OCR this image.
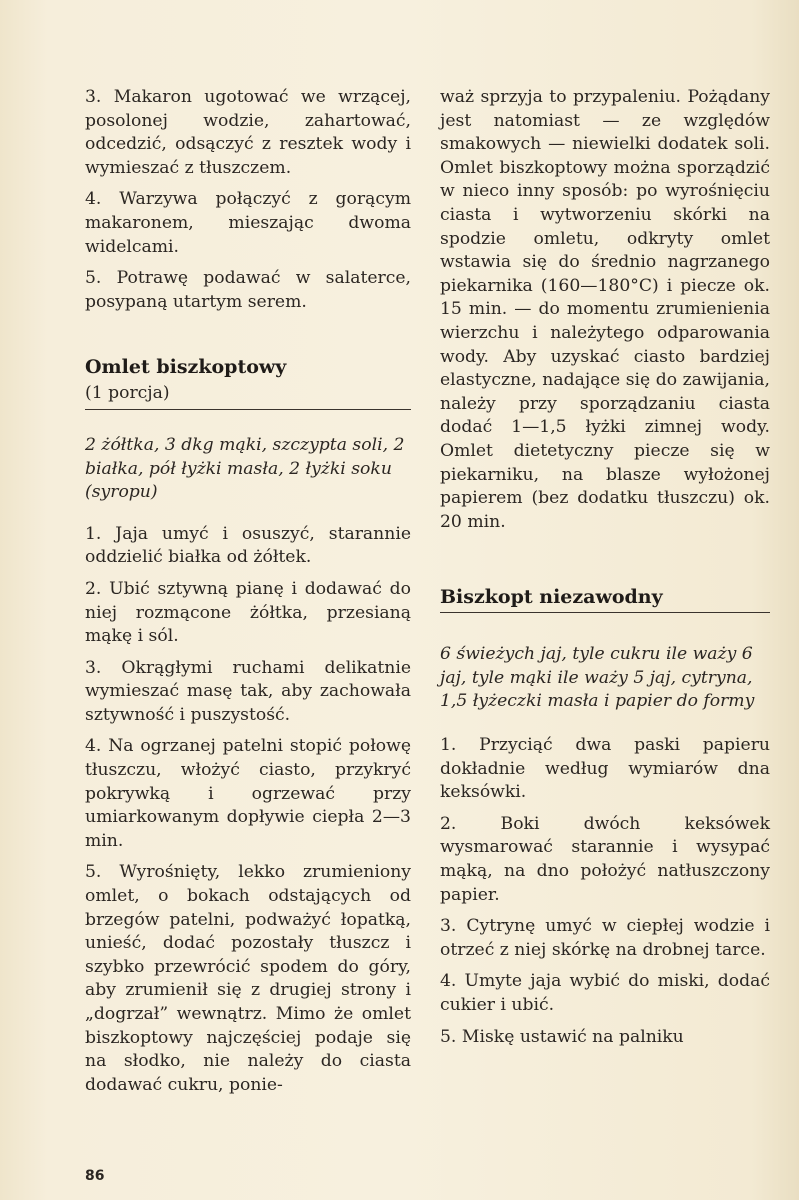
3. Makaron ugotować we wrzącej, posolonej wodzie, zahartować, odcedzić, odsączyć z resztek wody i wymieszać z tłuszczem.

4. Warzywa połączyć z gorącym makaronem, mieszając dwoma widelcami.

5. Potrawę podawać w salaterce, posypaną utartym serem.

Omlet biszkoptowy

(1 porcja)

2 żółtka, 3 dkg mąki, szczypta soli, 2 białka, pół łyżki masła, 2 łyżki soku (syropu)

1. Jaja umyć i osuszyć, starannie oddzielić białka od żółtek.

2. Ubić sztywną pianę i dodawać do niej rozmącone żółtka, przesianą mąkę i sól.

3. Okrągłymi ruchami delikatnie wymieszać masę tak, aby zachowała sztywność i puszystość.

4. Na ogrzanej patelni stopić połowę tłuszczu, włożyć ciasto, przykryć pokrywką i ogrzewać przy umiarkowanym dopływie ciepła 2—3 min.

5. Wyrośnięty, lekko zrumieniony omlet, o bokach odstających od brzegów patelni, podważyć łopatką, unieść, dodać pozostały tłuszcz i szybko przewrócić spodem do góry, aby zrumienił się z drugiej strony i „dogrzał” wewnątrz. Mimo że omlet biszkoptowy najczęściej podaje się na słodko, nie należy do ciasta dodawać cukru, ponie-

waż sprzyja to przypaleniu. Pożądany jest natomiast — ze względów smakowych — niewielki dodatek soli. Omlet biszkoptowy można sporządzić w nieco inny sposób: po wyrośnięciu ciasta i wytworzeniu skórki na spodzie omletu, odkryty omlet wstawia się do średnio nagrzanego piekarnika (160—180°C) i piecze ok. 15 min. — do momentu zrumienienia wierzchu i należytego odparowania wody. Aby uzyskać ciasto bardziej elastyczne, nadające się do zawijania, należy przy sporządzaniu ciasta dodać 1—1,5 łyżki zimnej wody. Omlet dietetyczny piecze się w piekarniku, na blasze wyłożonej papierem (bez dodatku tłuszczu) ok. 20 min.

Biszkopt niezawodny

6 świeżych jaj, tyle cukru ile waży 6 jaj, tyle mąki ile waży 5 jaj, cytryna, 1,5 łyżeczki masła i papier do formy

1. Przyciąć dwa paski papieru dokładnie według wymiarów dna keksówki.

2. Boki dwóch keksówek wysmarować starannie i wysypać mąką, na dno położyć natłuszczony papier.

3. Cytrynę umyć w ciepłej wodzie i otrzeć z niej skórkę na drobnej tarce.

4. Umyte jaja wybić do miski, dodać cukier i ubić.

5. Miskę ustawić na palniku

86
